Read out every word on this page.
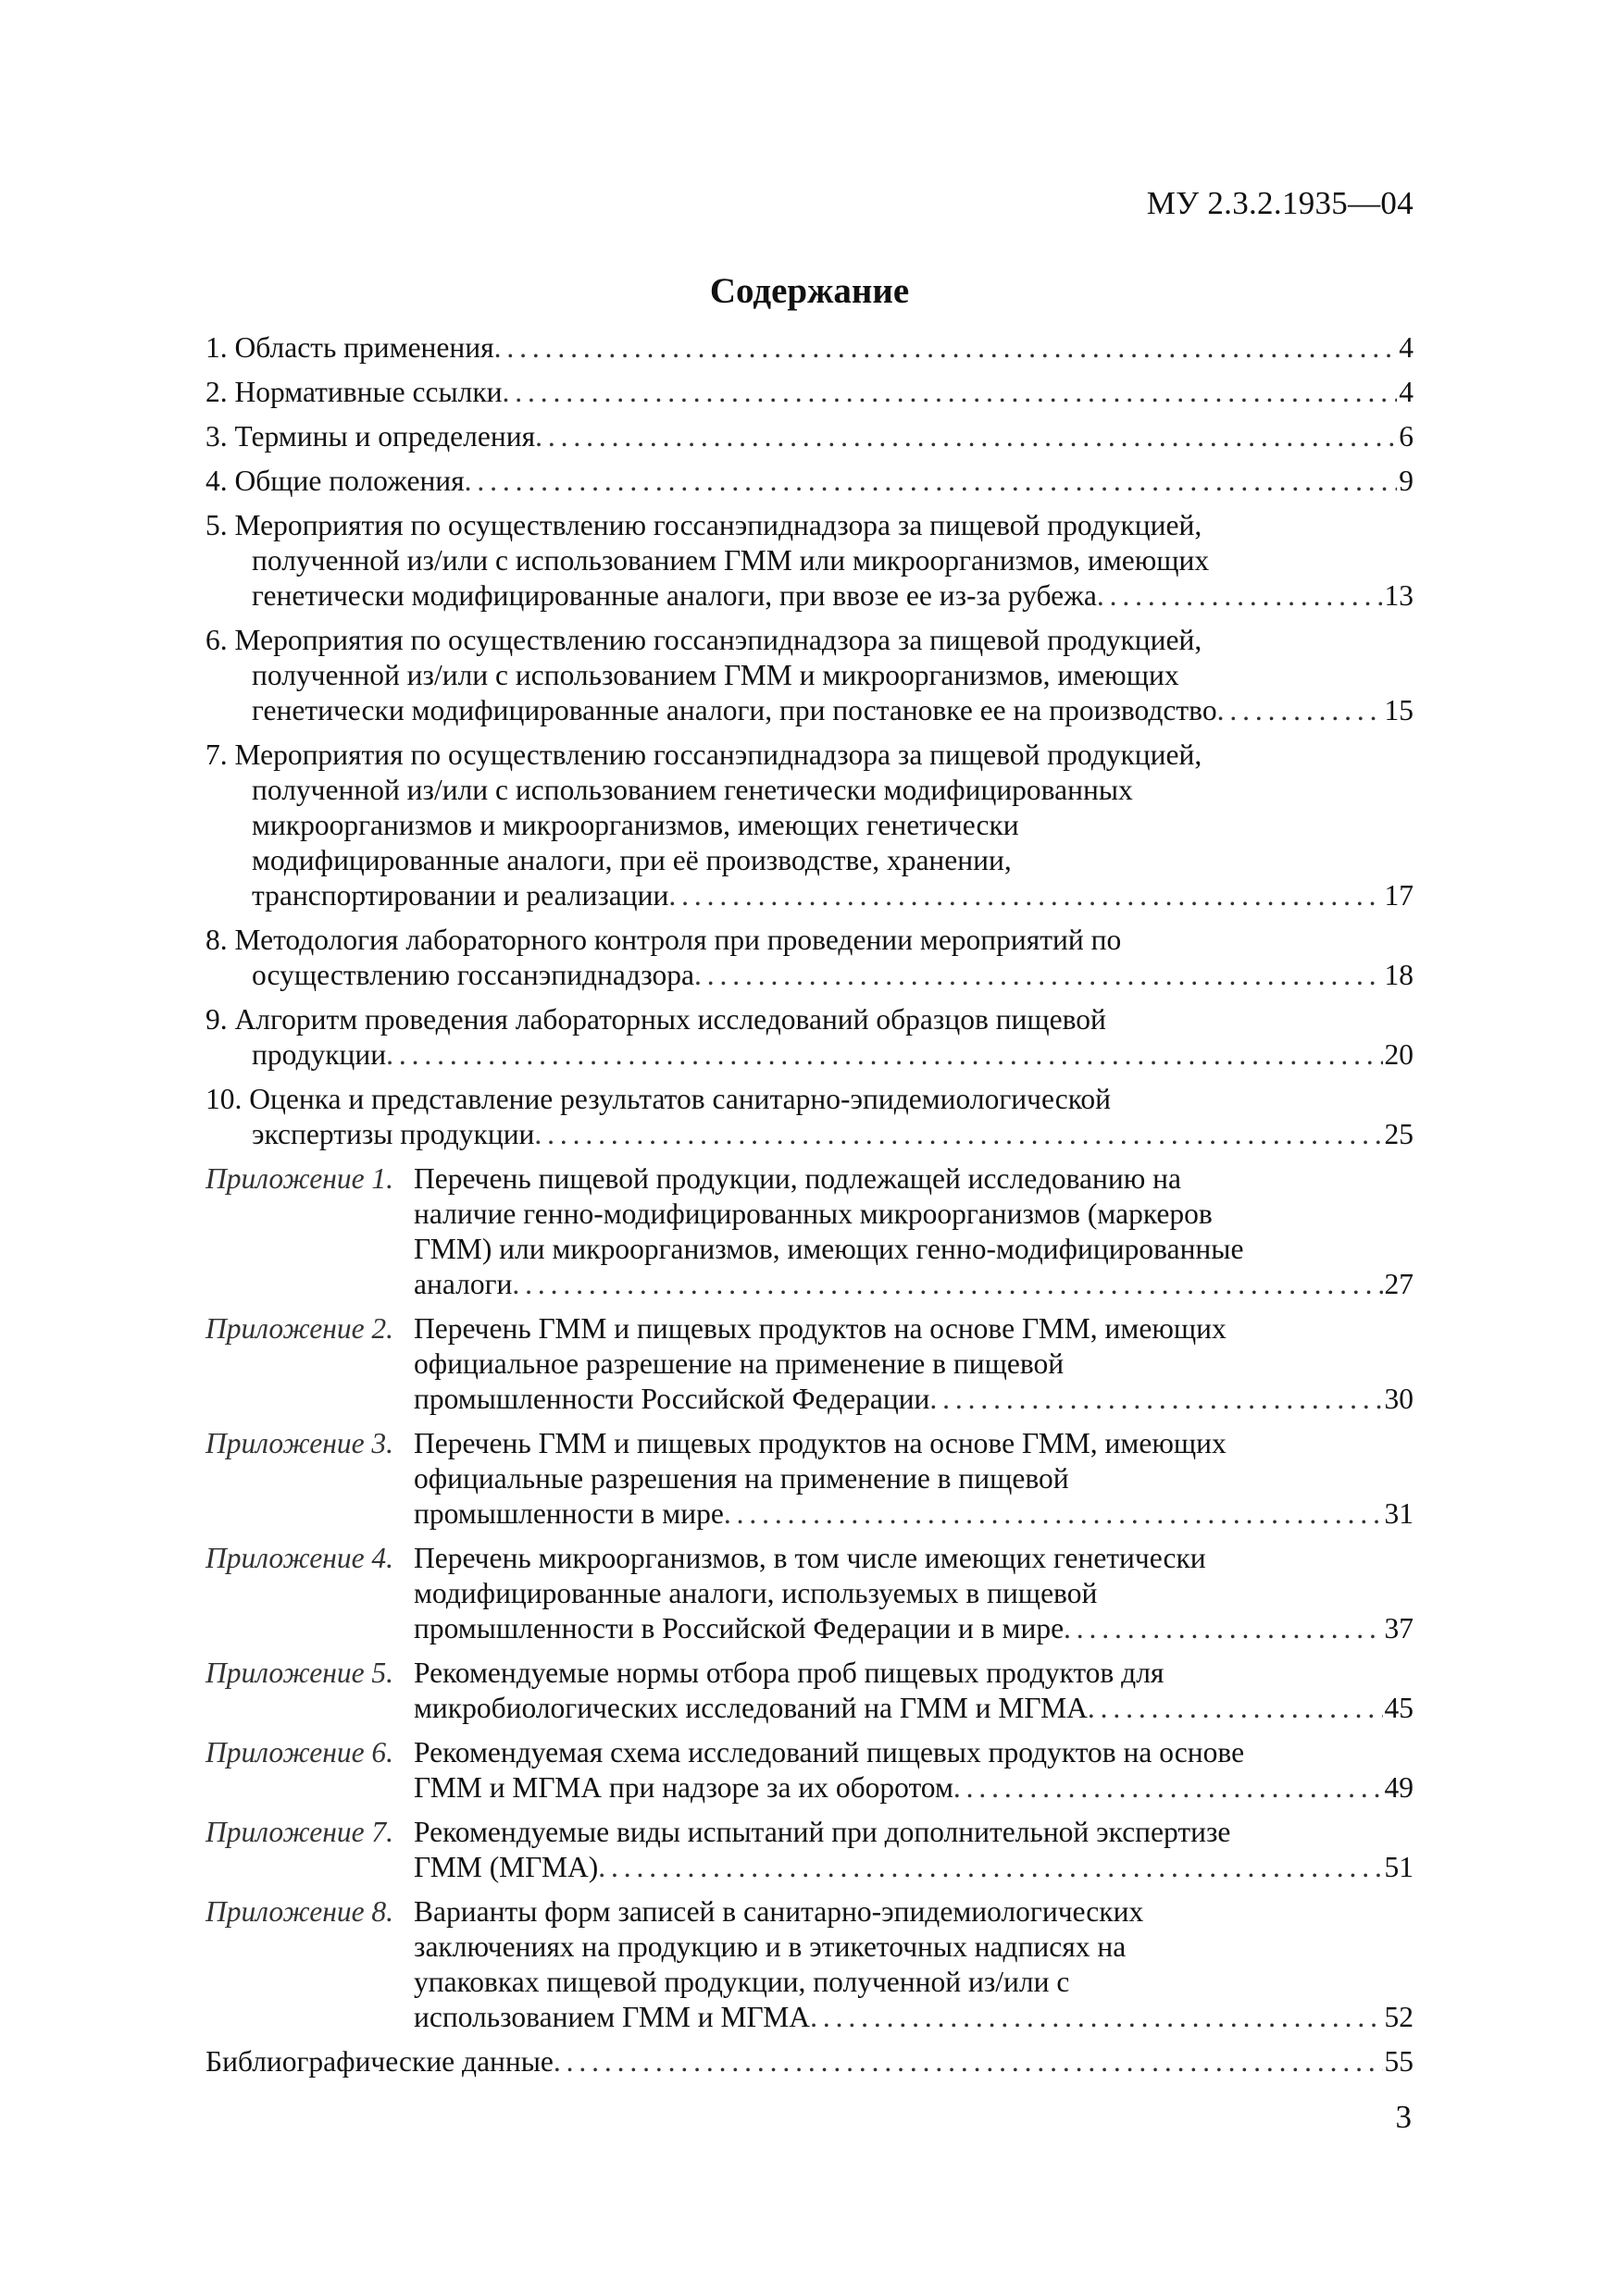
МУ 2.3.2.1935—04
Содержание
1. Область применения . . .	4
2. Нормативные ссылки . . .	4
3. Термины и определения . . .	6
4. Общие положения . . .	9
5. Мероприятия по осуществлению госсанэпиднадзора за пищевой продукцией,
полученной из/или с использованием ГММ или микроорганизмов, имеющих
генетически модифицированные аналоги, при ввозе ее из-за рубежа . . .	13
6. Мероприятия по осуществлению госсанэпиднадзора за пищевой продукцией,
полученной из/или с использованием ГММ и микроорганизмов, имеющих
генетически модифицированные аналоги, при постановке ее на производство . . .	15
7. Мероприятия по осуществлению госсанэпиднадзора за пищевой продукцией,
полученной из/или с использованием генетически модифицированных
микроорганизмов и микроорганизмов, имеющих генетически
модифицированные аналоги, при её производстве, хранении,
транспортировании и реализации . . .	17
8. Методология лабораторного контроля при проведении мероприятий по
осуществлению госсанэпиднадзора . . .	18
9. Алгоритм проведения лабораторных исследований образцов пищевой
продукции . . .	20
10. Оценка и представление результатов санитарно-эпидемиологической
экспертизы продукции . . .	25
Приложение 1. Перечень пищевой продукции, подлежащей исследованию на
наличие генно-модифицированных микроорганизмов (маркеров
ГММ) или микроорганизмов, имеющих генно-модифицированные
аналоги . . .	27
Приложение 2. Перечень ГММ и пищевых продуктов на основе ГММ, имеющих
официальное разрешение на применение в пищевой
промышленности Российской Федерации . . .	30
Приложение 3. Перечень ГММ и пищевых продуктов на основе ГММ, имеющих
официальные разрешения на применение в пищевой
промышленности в мире . . .	31
Приложение 4. Перечень микроорганизмов, в том числе имеющих генетически
модифицированные аналоги, используемых в пищевой
промышленности в Российской Федерации и в мире . . .	37
Приложение 5. Рекомендуемые нормы отбора проб пищевых продуктов для
микробиологических исследований на ГММ и МГМА . . .	45
Приложение 6. Рекомендуемая схема исследований пищевых продуктов на основе
ГММ и МГМА при надзоре за их оборотом . . .	49
Приложение 7. Рекомендуемые виды испытаний при дополнительной экспертизе
ГММ (МГМА) . . .	51
Приложение 8. Варианты форм записей в санитарно-эпидемиологических
заключениях на продукцию и в этикеточных надписях на
упаковках пищевой продукции, полученной из/или с
использованием ГММ и МГМА . . .	52
Библиографические данные . . .	55
3
